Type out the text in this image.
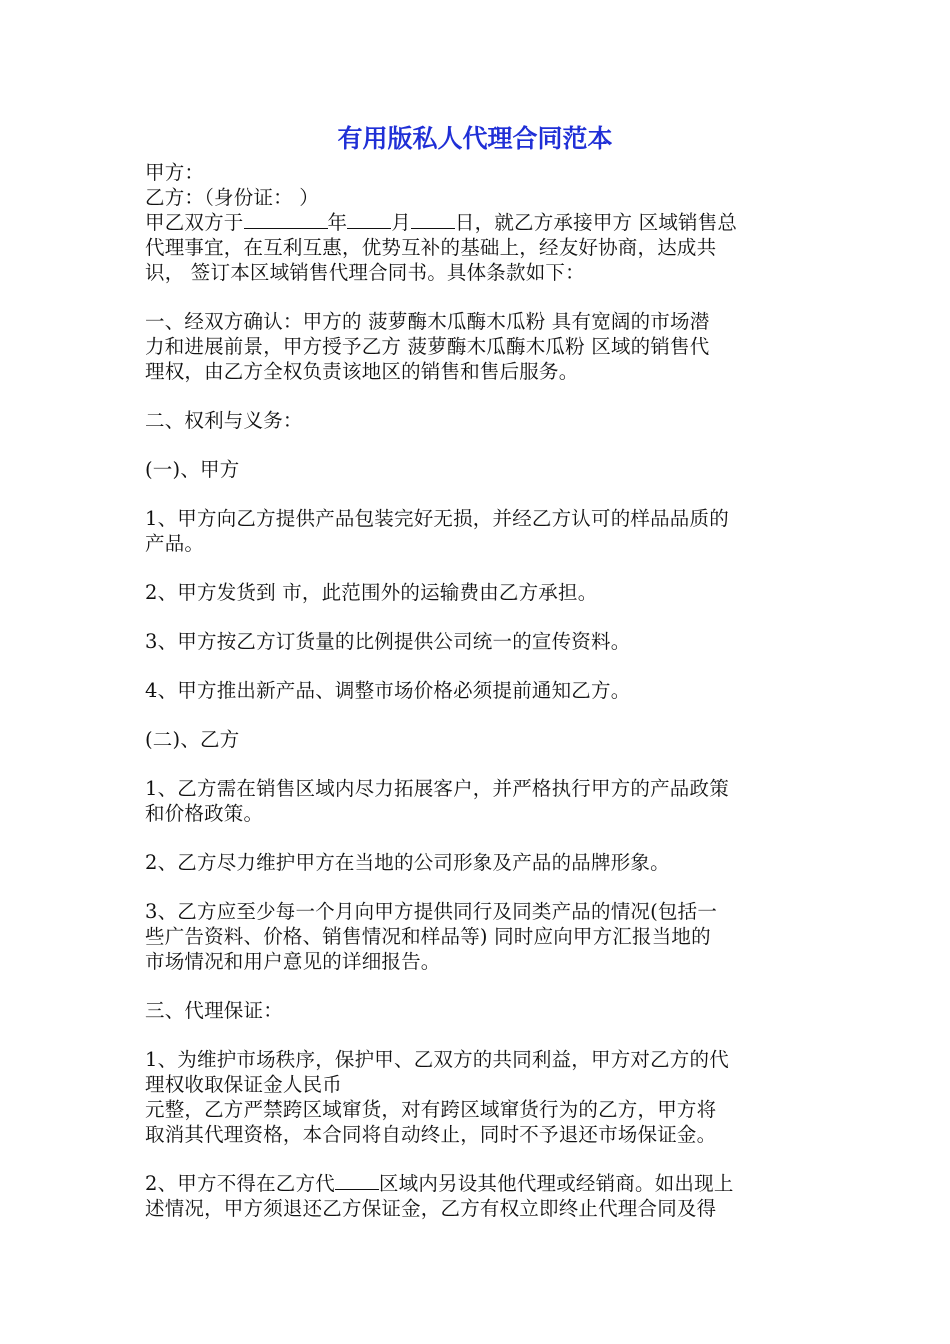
有用版私人代理合同范本
甲方：
乙方：（身份证： ）
甲乙双方于	年 月 日，就乙方承接甲方 区域销售总
代理事宜，在互利互惠，优势互补的基础上，经友好协商，达成共
识， 签订本区域销售代理合同书。具体条款如下：
一、经双方确认：甲方的 菠萝酶木瓜酶木瓜粉 具有宽阔的市场潜
力和进展前景，甲方授予乙方 菠萝酶木瓜酶木瓜粉 区域的销售代
理权，由乙方全权负责该地区的销售和售后服务。
二、权利与义务：
(一)、甲方
1、甲方向乙方提供产品包装完好无损，并经乙方认可的样品品质的
产品。
2、甲方发货到 市，此范围外的运输费由乙方承担。
3、甲方按乙方订货量的比例提供公司统一的宣传资料。
4、甲方推出新产品、调整市场价格必须提前通知乙方。
(二)、乙方
1、乙方需在销售区域内尽力拓展客户，并严格执行甲方的产品政策
和价格政策。
2、乙方尽力维护甲方在当地的公司形象及产品的品牌形象。
3、乙方应至少每一个月向甲方提供同行及同类产品的情况(包括一
些广告资料、价格、销售情况和样品等) 同时应向甲方汇报当地的
市场情况和用户意见的详细报告。
三、代理保证：
1、为维护市场秩序，保护甲、乙双方的共同利益，甲方对乙方的代
理权收取保证金人民币
元整，乙方严禁跨区域窜货，对有跨区域窜货行为的乙方，甲方将
取消其代理资格，本合同将自动终止，同时不予退还市场保证金。
2、甲方不得在乙方代 区域内另设其他代理或经销商。如出现上
述情况，甲方须退还乙方保证金，乙方有权立即终止代理合同及得
